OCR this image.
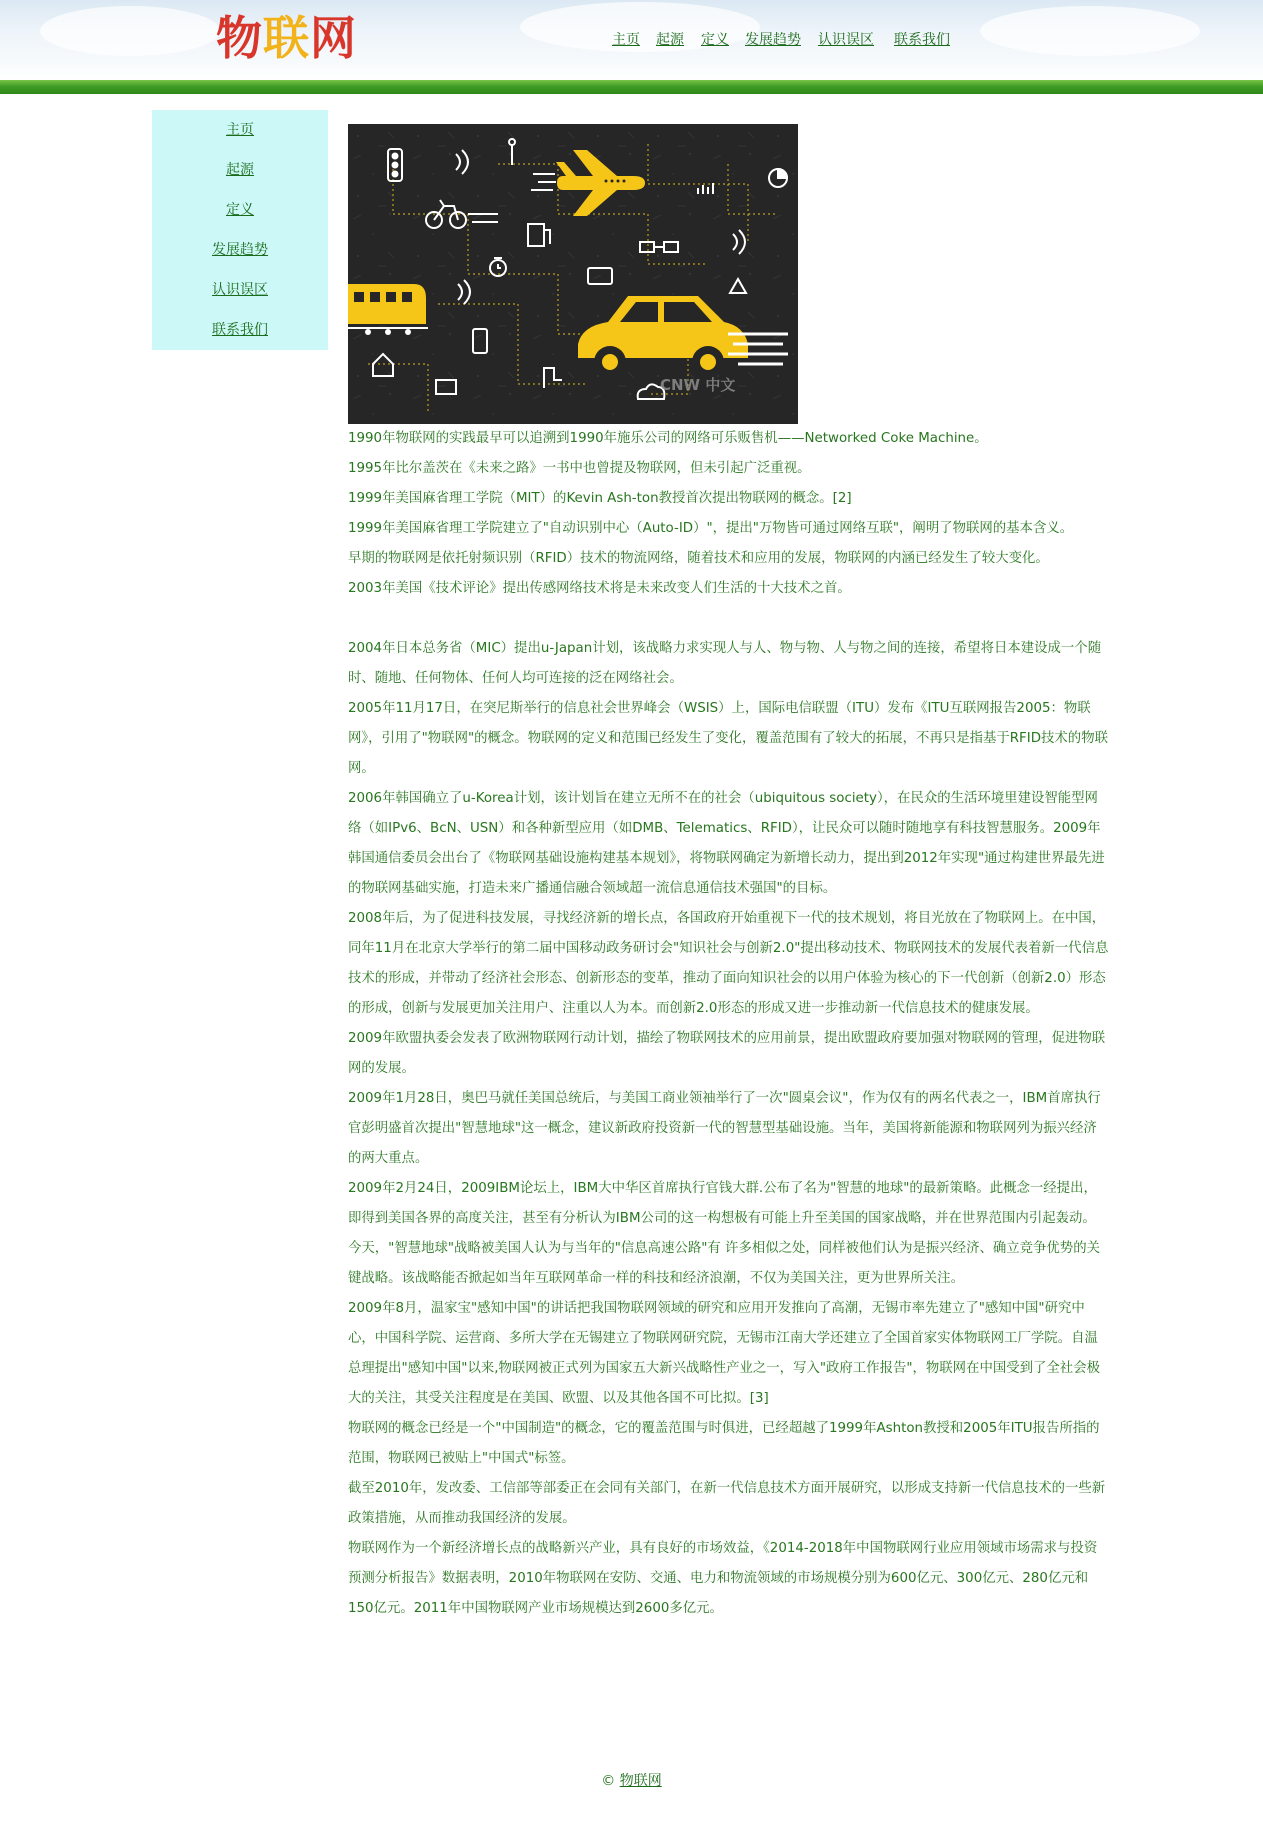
物联网	主页 起源 定义 发展趋势 认识误区 联系我们
主页
起源
定义
发展趋势
认识误区
联系我们
CNW 中文

1990年物联网的实践最早可以追溯到1990年施乐公司的网络可乐贩售机——Networked Coke Machine。

1995年比尔盖茨在《未来之路》一书中也曾提及物联网，但未引起广泛重视。

1999年美国麻省理工学院（MIT）的Kevin Ash-ton教授首次提出物联网的概念。[2]

1999年美国麻省理工学院建立了"自动识别中心（Auto-ID）"，提出"万物皆可通过网络互联"，阐明了物联网的基本含义。

早期的物联网是依托射频识别（RFID）技术的物流网络，随着技术和应用的发展，物联网的内涵已经发生了较大变化。

2003年美国《技术评论》提出传感网络技术将是未来改变人们生活的十大技术之首。

2004年日本总务省（MIC）提出u-Japan计划，该战略力求实现人与人、物与物、人与物之间的连接，希望将日本建设成一个随时、随地、任何物体、任何人均可连接的泛在网络社会。

2005年11月17日，在突尼斯举行的信息社会世界峰会（WSIS）上，国际电信联盟（ITU）发布《ITU互联网报告2005：物联网》，引用了"物联网"的概念。物联网的定义和范围已经发生了变化，覆盖范围有了较大的拓展，不再只是指基于RFID技术的物联网。

2006年韩国确立了u-Korea计划，该计划旨在建立无所不在的社会（ubiquitous society），在民众的生活环境里建设智能型网络（如IPv6、BcN、USN）和各种新型应用（如DMB、Telematics、RFID），让民众可以随时随地享有科技智慧服务。2009年韩国通信委员会出台了《物联网基础设施构建基本规划》，将物联网确定为新增长动力，提出到2012年实现"通过构建世界最先进的物联网基础实施，打造未来广播通信融合领域超一流信息通信技术强国"的目标。

2008年后，为了促进科技发展，寻找经济新的增长点，各国政府开始重视下一代的技术规划，将目光放在了物联网上。在中国，同年11月在北京大学举行的第二届中国移动政务研讨会"知识社会与创新2.0"提出移动技术、物联网技术的发展代表着新一代信息技术的形成，并带动了经济社会形态、创新形态的变革，推动了面向知识社会的以用户体验为核心的下一代创新（创新2.0）形态的形成，创新与发展更加关注用户、注重以人为本。而创新2.0形态的形成又进一步推动新一代信息技术的健康发展。

2009年欧盟执委会发表了欧洲物联网行动计划，描绘了物联网技术的应用前景，提出欧盟政府要加强对物联网的管理，促进物联网的发展。

2009年1月28日，奥巴马就任美国总统后，与美国工商业领袖举行了一次"圆桌会议"，作为仅有的两名代表之一，IBM首席执行官彭明盛首次提出"智慧地球"这一概念，建议新政府投资新一代的智慧型基础设施。当年，美国将新能源和物联网列为振兴经济的两大重点。

2009年2月24日，2009IBM论坛上，IBM大中华区首席执行官钱大群.公布了名为"智慧的地球"的最新策略。此概念一经提出，即得到美国各界的高度关注，甚至有分析认为IBM公司的这一构想极有可能上升至美国的国家战略，并在世界范围内引起轰动。

今天，"智慧地球"战略被美国人认为与当年的"信息高速公路"有 许多相似之处，同样被他们认为是振兴经济、确立竞争优势的关键战略。该战略能否掀起如当年互联网革命一样的科技和经济浪潮，不仅为美国关注，更为世界所关注。

2009年8月，温家宝"感知中国"的讲话把我国物联网领域的研究和应用开发推向了高潮，无锡市率先建立了"感知中国"研究中心，中国科学院、运营商、多所大学在无锡建立了物联网研究院，无锡市江南大学还建立了全国首家实体物联网工厂学院。自温总理提出"感知中国"以来,物联网被正式列为国家五大新兴战略性产业之一，写入"政府工作报告"，物联网在中国受到了全社会极大的关注，其受关注程度是在美国、欧盟、以及其他各国不可比拟。[3]

物联网的概念已经是一个"中国制造"的概念，它的覆盖范围与时俱进，已经超越了1999年Ashton教授和2005年ITU报告所指的范围，物联网已被贴上"中国式"标签。

截至2010年，发改委、工信部等部委正在会同有关部门，在新一代信息技术方面开展研究，以形成支持新一代信息技术的一些新政策措施，从而推动我国经济的发展。

物联网作为一个新经济增长点的战略新兴产业，具有良好的市场效益，《2014-2018年中国物联网行业应用领域市场需求与投资预测分析报告》数据表明，2010年物联网在安防、交通、电力和物流领域的市场规模分别为600亿元、300亿元、280亿元和150亿元。2011年中国物联网产业市场规模达到2600多亿元。

© 物联网
